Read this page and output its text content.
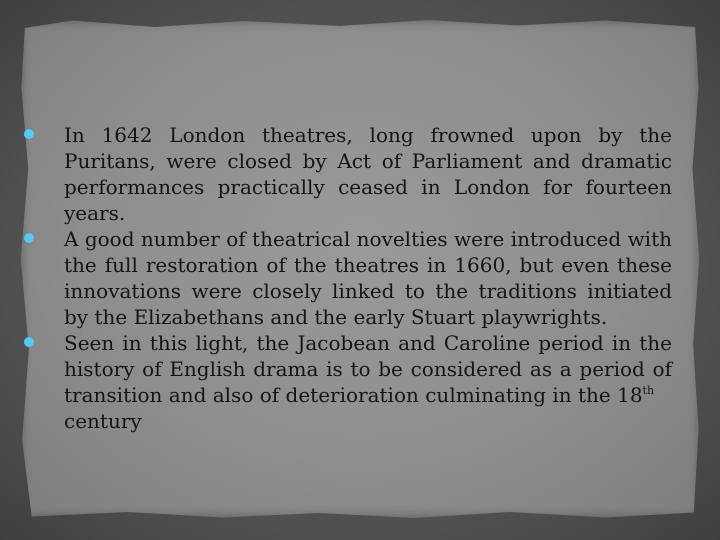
In 1642 London theatres, long frowned upon by the Puritans, were closed by Act of Parliament and dramatic performances practically ceased in London for fourteen years.
A good number of theatrical novelties were introduced with the full restoration of the theatres in 1660, but even these innovations were closely linked to the traditions initiated by the Elizabethans and the early Stuart playwrights.
Seen in this light, the Jacobean and Caroline period in the history of English drama is to be considered as a period of transition and also of deterioration culminating in the 18th
century
